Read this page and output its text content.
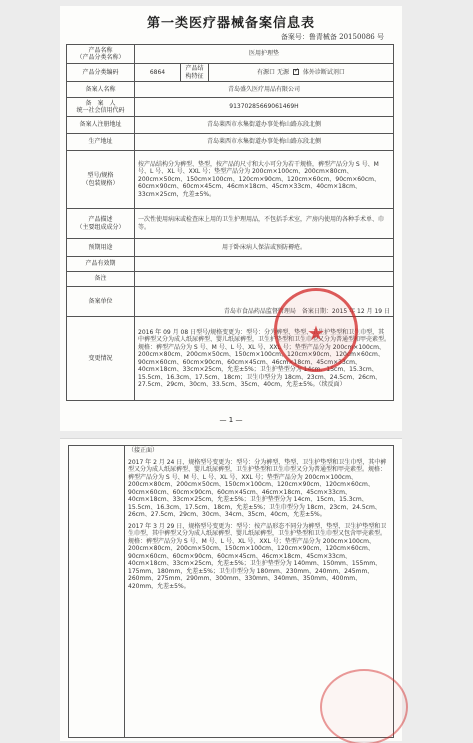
第一类医疗器械备案信息表
备案号：鲁青械备 20150086 号
产品名称
（产品分类名称）	医用护理垫		
产品分类编码	6864	产品结构特征	有源口 无源 ✓ 体外诊断试剂口
备案人名称	青岛盛久医疗用品有限公司		
备　案　人
统一社会信用代码	91370285669061469H		
备案人注册地址	青岛莱西市水集街道办事处梅山路东段北侧		
生产地址	青岛莱西市水集街道办事处梅山路东段北侧		
型号/规格
（包装规格）	按产品结构分为裤型、垫型，按产品的尺寸和大小可分为若干规格，裤型产品分为 S 号、M 号、L 号、XL 号、XXL 号；垫型产品分为 200cm×100cm、200cm×80cm、200cm×50cm、150cm×100cm、120cm×90cm、120cm×60cm、90cm×60cm、60cm×90cm、60cm×45cm、46cm×18cm、45cm×33cm、40cm×18cm、33cm×25cm，允差±5%。		
产品描述
（主要组成成分）	一次性使用病床或检查床上用的卫生护理用品，不包括手术室，产房内使用的各种手术单、巾等。		
预期用途	用于卧床病人保洁或预防褥疮。		
产品有效期			
备注			
备案单位	青岛市食品药品监督管理局　备案日期：2015 年 12 月 19 日		
变更情况	2016 年 09 月 08 日型号/规格变更为：型号：分为裤型、垫型、卫生护垫型和卫生巾型，其中裤型又分为成人纸尿裤型、婴儿纸尿裤型，卫生护垫型和卫生巾型又分为普通型和甲壳素型。规格：裤型产品分为 S 号、M 号、L 号、XL 号、XXL 号；垫型产品分为 200cm×100cm、200cm×80cm、200cm×50cm、150cm×100cm、120cm×90cm、120cm×60cm、90cm×60cm、60cm×90cm、60cm×45cm、46cm×18cm、45cm×33cm、40cm×18cm、33cm×25cm，允差±5%；卫生护垫型分为 14cm、15cm、15.3cm、15.5cm、16.3cm、17.5cm、18cm；卫生巾型分为 18cm、23cm、24.5cm、26cm、27.5cm、29cm、30cm、33.5cm、35cm、40cm，允差±5%。（续反面）		
★
— 1 —

（接正面）

2017 年 2 月 24 日，规格型号变更为：型号：分为裤型、垫型、卫生护垫型和卫生巾型，其中裤型又分为成人纸尿裤型、婴儿纸尿裤型，卫生护垫型和卫生巾型又分为普通型和甲壳素型。规格：裤型产品分为 S 号、M 号、L 号、XL 号、XXL 号；垫型产品分为 200cm×100cm、200cm×80cm、200cm×50cm、150cm×100cm、120cm×90cm、120cm×60cm、90cm×60cm、60cm×90cm、60cm×45cm、46cm×18cm、45cm×33cm、40cm×18cm、33cm×25cm，允差±5%；卫生护垫型分为 14cm、15cm、15.3cm、15.5cm、16.3cm、17.5cm、18cm，允差±5%；卫生巾型分为 18cm、23cm、24.5cm、26cm、27.5cm、29cm、30cm、34cm、35cm、40cm，允差±5%。

2017 年 3 月 29 日，规格型号变更为：型号：按产品形态不同分为裤型、垫型、卫生护垫型和卫生巾型，其中裤型又分为成人纸尿裤型、婴儿纸尿裤型，卫生护垫型和卫生巾型又包含甲壳素型。规格：裤型产品分为 S 号、M 号、L 号、XL 号、XXL 号；垫型产品分为 200cm×100cm、200cm×80cm、200cm×50cm、150cm×100cm、120cm×90cm、120cm×60cm、90cm×60cm、60cm×90cm、60cm×45cm、46cm×18cm、45cm×33cm、40cm×18cm、33cm×25cm，允差±5%；卫生护垫型分为 140mm、150mm、155mm、175mm、180mm，允差±5%；卫生巾型分为 180mm、230mm、240mm、245mm、260mm、275mm、290mm、300mm、330mm、340mm、350mm、400mm、420mm，允差±5%。
